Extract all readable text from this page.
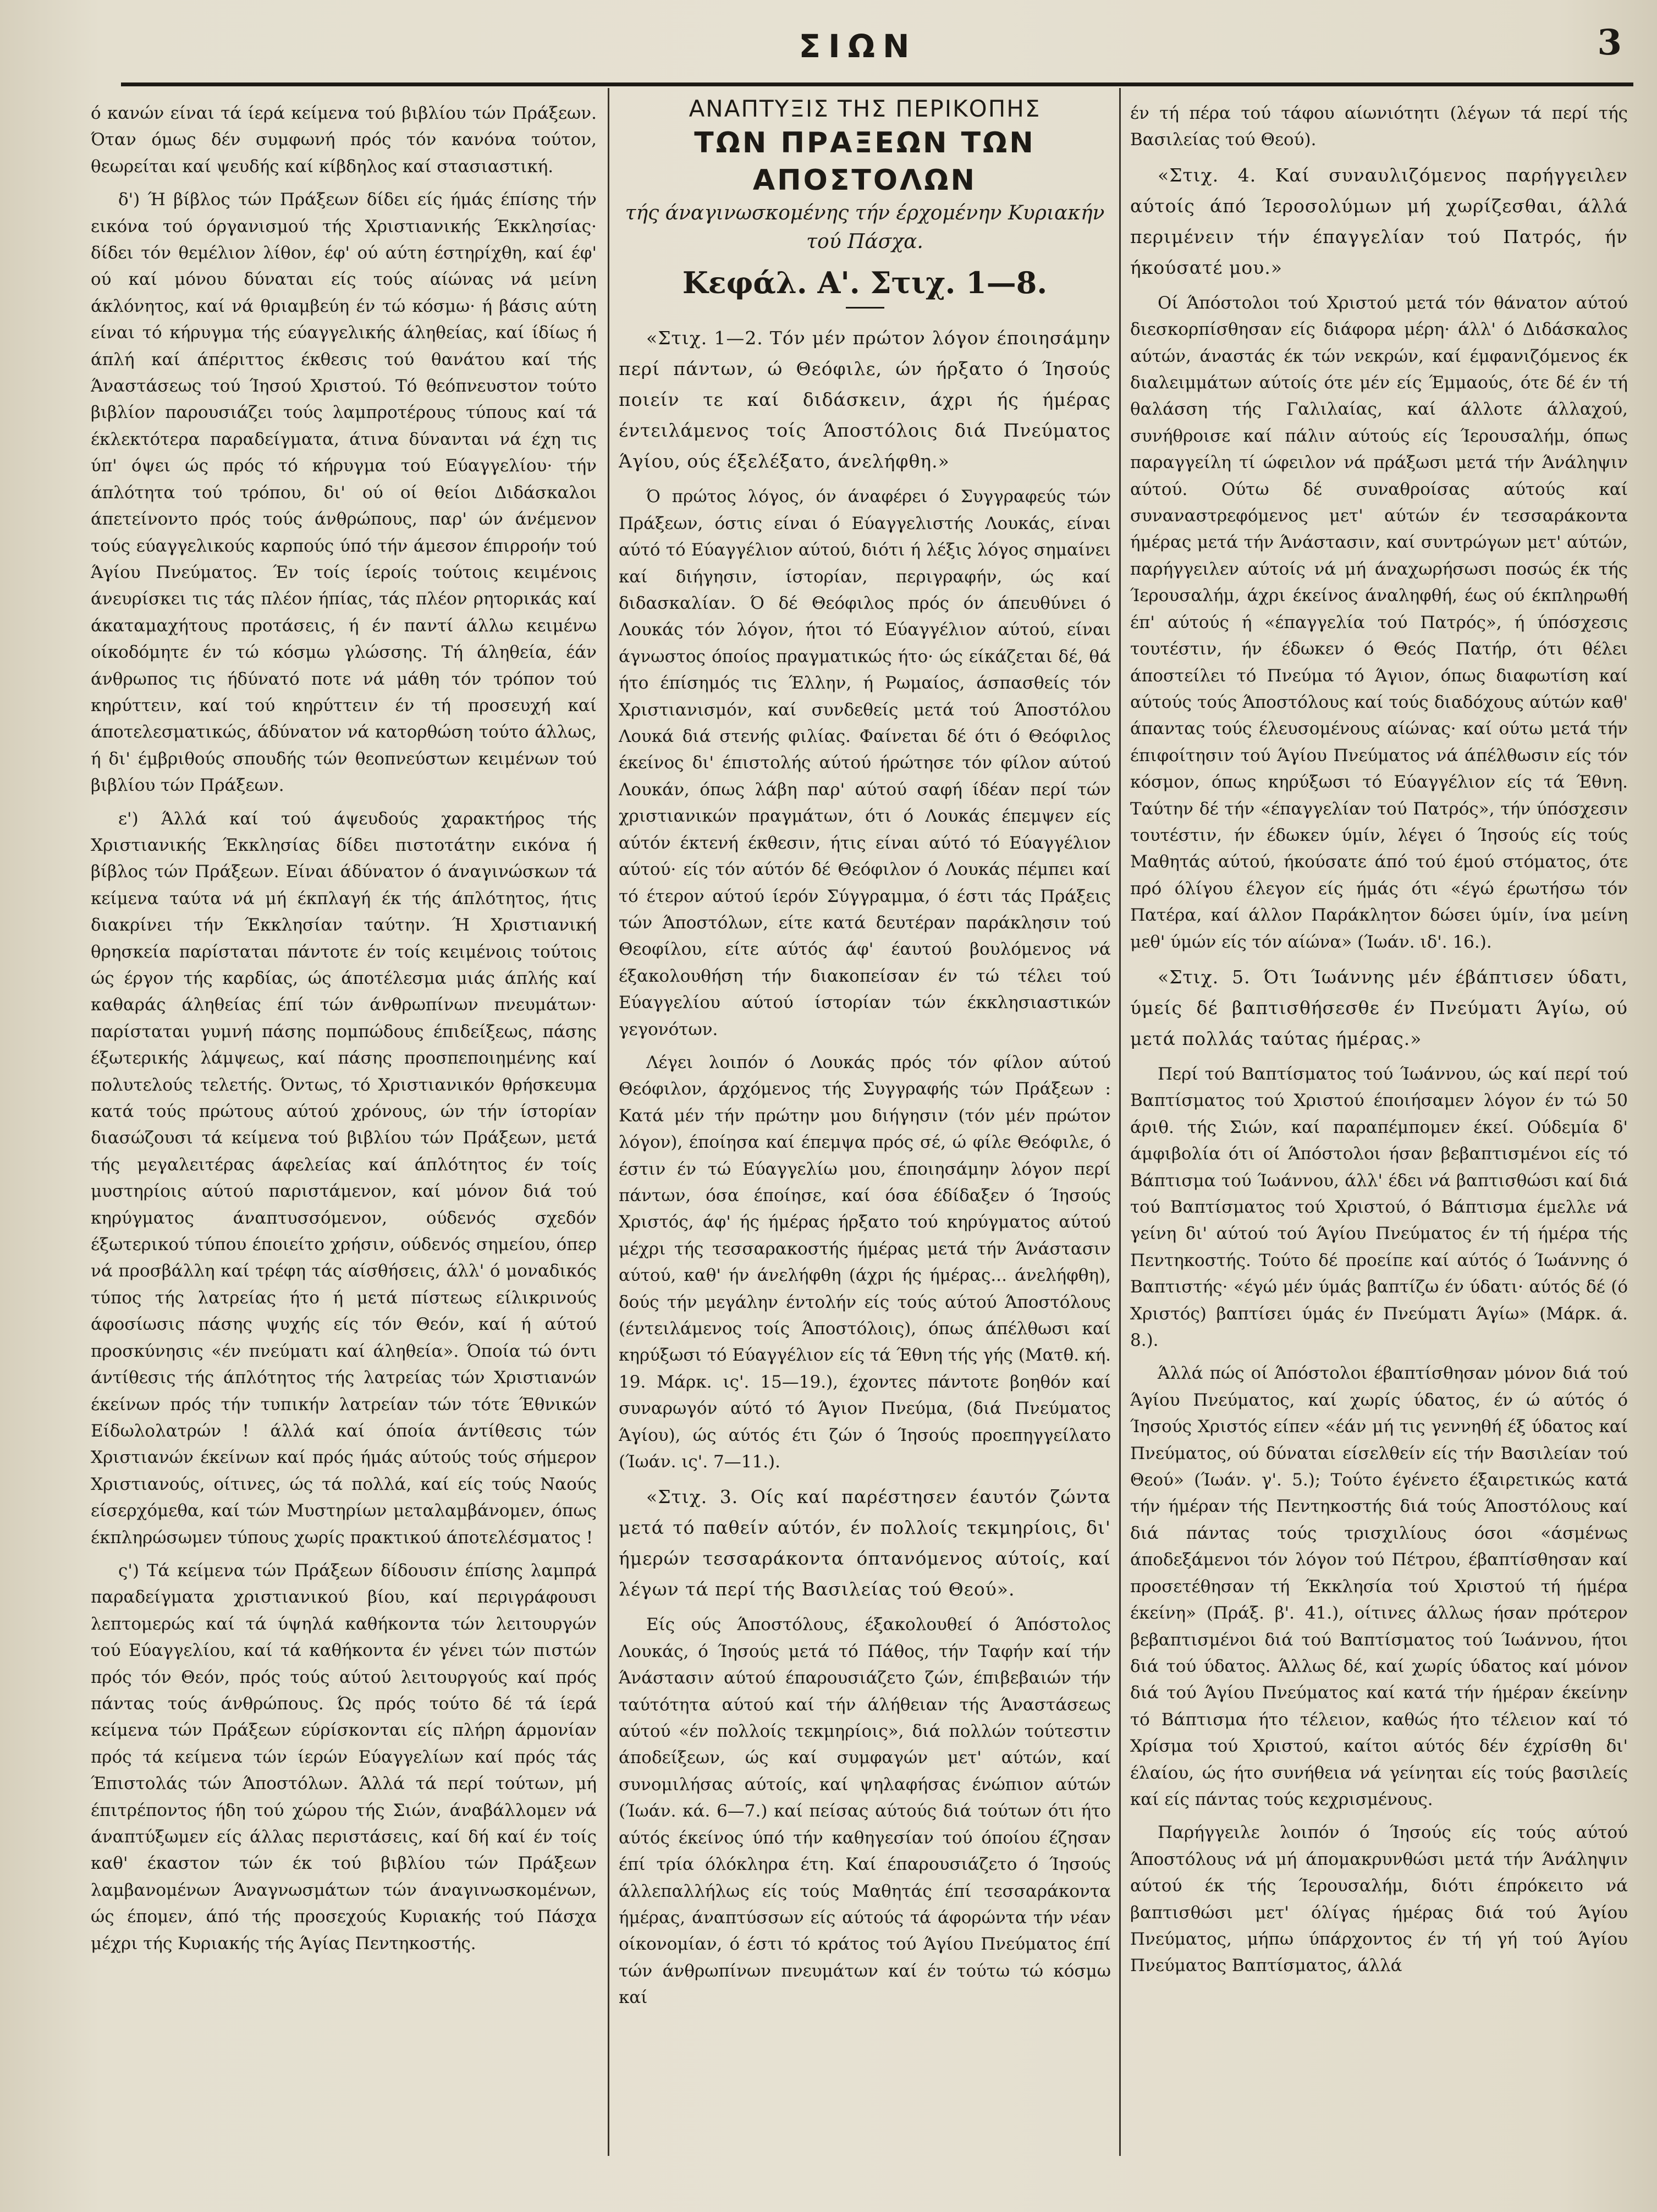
ΣΙΩΝ	3

ό κανών είναι τά ίερά κείμενα τού βιβλίου τών Πράξεων. Όταν όμως δέν συμφωνή πρός τόν κανόνα τούτον, θεωρείται καί ψευδής καί κίβδηλος καί στασιαστική.

δ') Ή βίβλος τών Πράξεων δίδει είς ήμάς έπίσης τήν εικόνα τού όργανισμού τής Χριστιανικής Έκκλησίας· δίδει τόν θεμέλιον λίθον, έφ' ού αύτη έστηρίχθη, καί έφ' ού καί μόνου δύναται είς τούς αίώνας νά μείνη άκλόνητος, καί νά θριαμβεύη έν τώ κόσμω· ή βάσις αύτη είναι τό κήρυγμα τής εύαγγελικής άληθείας, καί ίδίως ή άπλή καί άπέριττος έκθεσις τού θανάτου καί τής Άναστάσεως τού Ίησού Χριστού. Τό θεόπνευστον τούτο βιβλίον παρουσιάζει τούς λαμπροτέρους τύπους καί τά έκλεκτότερα παραδείγματα, άτινα δύνανται νά έχη τις ύπ' όψει ώς πρός τό κήρυγμα τού Εύαγγελίου· τήν άπλότητα τού τρόπου, δι' ού οί θείοι Διδάσκαλοι άπετείνοντο πρός τούς άνθρώπους, παρ' ών άνέμενον τούς εύαγγελικούς καρπούς ύπό τήν άμεσον έπιρροήν τού Άγίου Πνεύματος. Έν τοίς ίεροίς τούτοις κειμένοις άνευρίσκει τις τάς πλέον ήπίας, τάς πλέον ρητορικάς καί άκαταμαχήτους προτάσεις, ή έν παντί άλλω κειμένω οίκοδόμητε έν τώ κόσμω γλώσσης. Τή άληθεία, έάν άνθρωπος τις ήδύνατό ποτε νά μάθη τόν τρόπον τού κηρύττειν, καί τού κηρύττειν έν τή προσευχή καί άποτελεσματικώς, άδύνατον νά κατορθώση τούτο άλλως, ή δι' έμβριθούς σπουδής τών θεοπνεύστων κειμένων τού βιβλίου τών Πράξεων.

ε') Άλλά καί τού άψευδούς χαρακτήρος τής Χριστιανικής Έκκλησίας δίδει πιστοτάτην εικόνα ή βίβλος τών Πράξεων. Είναι άδύνατον ό άναγινώσκων τά κείμενα ταύτα νά μή έκπλαγή έκ τής άπλότητος, ήτις διακρίνει τήν Έκκλησίαν ταύτην. Ή Χριστιανική θρησκεία παρίσταται πάντοτε έν τοίς κειμένοις τούτοις ώς έργον τής καρδίας, ώς άποτέλεσμα μιάς άπλής καί καθαράς άληθείας έπί τών άνθρωπίνων πνευμάτων· παρίσταται γυμνή πάσης πομπώδους έπιδείξεως, πάσης έξωτερικής λάμψεως, καί πάσης προσπεποιημένης καί πολυτελούς τελετής. Όντως, τό Χριστιανικόν θρήσκευμα κατά τούς πρώτους αύτού χρόνους, ών τήν ίστορίαν διασώζουσι τά κείμενα τού βιβλίου τών Πράξεων, μετά τής μεγαλειτέρας άφελείας καί άπλότητος έν τοίς μυστηρίοις αύτού παριστάμενον, καί μόνον διά τού κηρύγματος άναπτυσσόμενον, ούδενός σχεδόν έξωτερικού τύπου έποιείτο χρήσιν, ούδενός σημείου, όπερ νά προσβάλλη καί τρέφη τάς αίσθήσεις, άλλ' ό μοναδικός τύπος τής λατρείας ήτο ή μετά πίστεως είλικρινούς άφοσίωσις πάσης ψυχής είς τόν Θεόν, καί ή αύτού προσκύνησις «έν πνεύματι καί άληθεία». Όποία τώ όντι άντίθεσις τής άπλότητος τής λατρείας τών Χριστιανών έκείνων πρός τήν τυπικήν λατρείαν τών τότε Έθνικών Είδωλολατρών ! άλλά καί όποία άντίθεσις τών Χριστιανών έκείνων καί πρός ήμάς αύτούς τούς σήμερον Χριστιανούς, οίτινες, ώς τά πολλά, καί είς τούς Ναούς είσερχόμεθα, καί τών Μυστηρίων μεταλαμβάνομεν, όπως έκπληρώσωμεν τύπους χωρίς πρακτικού άποτελέσματος !

ς') Τά κείμενα τών Πράξεων δίδουσιν έπίσης λαμπρά παραδείγματα χριστιανικού βίου, καί περιγράφουσι λεπτομερώς καί τά ύψηλά καθήκοντα τών λειτουργών τού Εύαγγελίου, καί τά καθήκοντα έν γένει τών πιστών πρός τόν Θεόν, πρός τούς αύτού λειτουργούς καί πρός πάντας τούς άνθρώπους. Ώς πρός τούτο δέ τά ίερά κείμενα τών Πράξεων εύρίσκονται είς πλήρη άρμονίαν πρός τά κείμενα τών ίερών Εύαγγελίων καί πρός τάς Έπιστολάς τών Άποστόλων. Άλλά τά περί τούτων, μή έπιτρέποντος ήδη τού χώρου τής Σιών, άναβάλλομεν νά άναπτύξωμεν είς άλλας περιστάσεις, καί δή καί έν τοίς καθ' έκαστον τών έκ τού βιβλίου τών Πράξεων λαμβανομένων Άναγνωσμάτων τών άναγινωσκομένων, ώς έπομεν, άπό τής προσεχούς Κυριακής τού Πάσχα μέχρι τής Κυριακής τής Άγίας Πεντηκοστής.

ΑΝΑΠΤΥΞΙΣ ΤΗΣ ΠΕΡΙΚΟΠΗΣ
ΤΩΝ ΠΡΑΞΕΩΝ ΤΩΝ ΑΠΟΣΤΟΛΩΝ
τής άναγινωσκομένης τήν έρχομένην Κυριακήν
τού Πάσχα.
Κεφάλ. Α'. Στιχ. 1—8.

«Στιχ. 1—2. Τόν μέν πρώτον λόγον έποιησάμην περί πάντων, ώ Θεόφιλε, ών ήρξατο ό Ίησούς ποιείν τε καί διδάσκειν, άχρι ής ήμέρας έντειλάμενος τοίς Άποστόλοις διά Πνεύματος Άγίου, ούς έξελέξατο, άνελήφθη.»

Ό πρώτος λόγος, όν άναφέρει ό Συγγραφεύς τών Πράξεων, όστις είναι ό Εύαγγελιστής Λουκάς, είναι αύτό τό Εύαγγέλιον αύτού, διότι ή λέξις λόγος σημαίνει καί διήγησιν, ίστορίαν, περιγραφήν, ώς καί διδασκαλίαν. Ό δέ Θεόφιλος πρός όν άπευθύνει ό Λουκάς τόν λόγον, ήτοι τό Εύαγγέλιον αύτού, είναι άγνωστος όποίος πραγματικώς ήτο· ώς είκάζεται δέ, θά ήτο έπίσημός τις Έλλην, ή Ρωμαίος, άσπασθείς τόν Χριστιανισμόν, καί συνδεθείς μετά τού Άποστόλου Λουκά διά στενής φιλίας. Φαίνεται δέ ότι ό Θεόφιλος έκείνος δι' έπιστολής αύτού ήρώτησε τόν φίλον αύτού Λουκάν, όπως λάβη παρ' αύτού σαφή ίδέαν περί τών χριστιανικών πραγμάτων, ότι ό Λουκάς έπεμψεν είς αύτόν έκτενή έκθεσιν, ήτις είναι αύτό τό Εύαγγέλιον αύτού· είς τόν αύτόν δέ Θεόφιλον ό Λουκάς πέμπει καί τό έτερον αύτού ίερόν Σύγγραμμα, ό έστι τάς Πράξεις τών Άποστόλων, είτε κατά δευτέραν παράκλησιν τού Θεοφίλου, είτε αύτός άφ' έαυτού βουλόμενος νά έξακολουθήση τήν διακοπείσαν έν τώ τέλει τού Εύαγγελίου αύτού ίστορίαν τών έκκλησιαστικών γεγονότων.

Λέγει λοιπόν ό Λουκάς πρός τόν φίλον αύτού Θεόφιλον, άρχόμενος τής Συγγραφής τών Πράξεων : Κατά μέν τήν πρώτην μου διήγησιν (τόν μέν πρώτον λόγον), έποίησα καί έπεμψα πρός σέ, ώ φίλε Θεόφιλε, ό έστιν έν τώ Εύαγγελίω μου, έποιησάμην λόγον περί πάντων, όσα έποίησε, καί όσα έδίδαξεν ό Ίησούς Χριστός, άφ' ής ήμέρας ήρξατο τού κηρύγματος αύτού μέχρι τής τεσσαρακοστής ήμέρας μετά τήν Άνάστασιν αύτού, καθ' ήν άνελήφθη (άχρι ής ήμέρας... άνελήφθη), δούς τήν μεγάλην έντολήν είς τούς αύτού Άποστόλους (έντειλάμενος τοίς Άποστόλοις), όπως άπέλθωσι καί κηρύξωσι τό Εύαγγέλιον είς τά Έθνη τής γής (Ματθ. κή. 19. Μάρκ. ις'. 15—19.), έχοντες πάντοτε βοηθόν καί συναρωγόν αύτό τό Άγιον Πνεύμα, (διά Πνεύματος Άγίου), ώς αύτός έτι ζών ό Ίησούς προεπηγγείλατο (Ίωάν. ις'. 7—11.).

«Στιχ. 3. Οίς καί παρέστησεν έαυτόν ζώντα μετά τό παθείν αύτόν, έν πολλοίς τεκμηρίοις, δι' ήμερών τεσσαράκοντα όπτανόμενος αύτοίς, καί λέγων τά περί τής Βασιλείας τού Θεού».

Είς ούς Άποστόλους, έξακολουθεί ό Άπόστολος Λουκάς, ό Ίησούς μετά τό Πάθος, τήν Ταφήν καί τήν Άνάστασιν αύτού έπαρουσιάζετο ζών, έπιβεβαιών τήν ταύτότητα αύτού καί τήν άλήθειαν τής Άναστάσεως αύτού «έν πολλοίς τεκμηρίοις», διά πολλών τούτεστιν άποδείξεων, ώς καί συμφαγών μετ' αύτών, καί συνομιλήσας αύτοίς, καί ψηλαφήσας ένώπιον αύτών (Ίωάν. κά. 6—7.) καί πείσας αύτούς διά τούτων ότι ήτο αύτός έκείνος ύπό τήν καθηγεσίαν τού όποίου έζησαν έπί τρία όλόκληρα έτη. Καί έπαρουσιάζετο ό Ίησούς άλλεπαλλήλως είς τούς Μαθητάς έπί τεσσαράκοντα ήμέρας, άναπτύσσων είς αύτούς τά άφορώντα τήν νέαν οίκονομίαν, ό έστι τό κράτος τού Άγίου Πνεύματος έπί τών άνθρωπίνων πνευμάτων καί έν τούτω τώ κόσμω καί

έν τή πέρα τού τάφου αίωνιότητι (λέγων τά περί τής Βασιλείας τού Θεού).

«Στιχ. 4. Καί συναυλιζόμενος παρήγγειλεν αύτοίς άπό Ίεροσολύμων μή χωρίζεσθαι, άλλά περιμένειν τήν έπαγγελίαν τού Πατρός, ήν ήκούσατέ μου.»

Οί Άπόστολοι τού Χριστού μετά τόν θάνατον αύτού διεσκορπίσθησαν είς διάφορα μέρη· άλλ' ό Διδάσκαλος αύτών, άναστάς έκ τών νεκρών, καί έμφανιζόμενος έκ διαλειμμάτων αύτοίς ότε μέν είς Έμμαούς, ότε δέ έν τή θαλάσση τής Γαλιλαίας, καί άλλοτε άλλαχού, συνήθροισε καί πάλιν αύτούς είς Ίερουσαλήμ, όπως παραγγείλη τί ώφειλον νά πράξωσι μετά τήν Άνάληψιν αύτού. Ούτω δέ συναθροίσας αύτούς καί συναναστρεφόμενος μετ' αύτών έν τεσσαράκοντα ήμέρας μετά τήν Άνάστασιν, καί συντρώγων μετ' αύτών, παρήγγειλεν αύτοίς νά μή άναχωρήσωσι ποσώς έκ τής Ίερουσαλήμ, άχρι έκείνος άναληφθή, έως ού έκπληρωθή έπ' αύτούς ή «έπαγγελία τού Πατρός», ή ύπόσχεσις τουτέστιν, ήν έδωκεν ό Θεός Πατήρ, ότι θέλει άποστείλει τό Πνεύμα τό Άγιον, όπως διαφωτίση καί αύτούς τούς Άποστόλους καί τούς διαδόχους αύτών καθ' άπαντας τούς έλευσομένους αίώνας· καί ούτω μετά τήν έπιφοίτησιν τού Άγίου Πνεύματος νά άπέλθωσιν είς τόν κόσμον, όπως κηρύξωσι τό Εύαγγέλιον είς τά Έθνη. Ταύτην δέ τήν «έπαγγελίαν τού Πατρός», τήν ύπόσχεσιν τουτέστιν, ήν έδωκεν ύμίν, λέγει ό Ίησούς είς τούς Μαθητάς αύτού, ήκούσατε άπό τού έμού στόματος, ότε πρό όλίγου έλεγον είς ήμάς ότι «έγώ έρωτήσω τόν Πατέρα, καί άλλον Παράκλητον δώσει ύμίν, ίνα μείνη μεθ' ύμών είς τόν αίώνα» (Ίωάν. ιδ'. 16.).

«Στιχ. 5. Ότι Ίωάννης μέν έβάπτισεν ύδατι, ύμείς δέ βαπτισθήσεσθε έν Πνεύματι Άγίω, ού μετά πολλάς ταύτας ήμέρας.»

Περί τού Βαπτίσματος τού Ίωάννου, ώς καί περί τού Βαπτίσματος τού Χριστού έποιήσαμεν λόγον έν τώ 50 άριθ. τής Σιών, καί παραπέμπομεν έκεί. Ούδεμία δ' άμφιβολία ότι οί Άπόστολοι ήσαν βεβαπτισμένοι είς τό Βάπτισμα τού Ίωάννου, άλλ' έδει νά βαπτισθώσι καί διά τού Βαπτίσματος τού Χριστού, ό Βάπτισμα έμελλε νά γείνη δι' αύτού τού Άγίου Πνεύματος έν τή ήμέρα τής Πεντηκοστής. Τούτο δέ προείπε καί αύτός ό Ίωάννης ό Βαπτιστής· «έγώ μέν ύμάς βαπτίζω έν ύδατι· αύτός δέ (ό Χριστός) βαπτίσει ύμάς έν Πνεύματι Άγίω» (Μάρκ. ά. 8.).

Άλλά πώς οί Άπόστολοι έβαπτίσθησαν μόνον διά τού Άγίου Πνεύματος, καί χωρίς ύδατος, έν ώ αύτός ό Ίησούς Χριστός είπεν «έάν μή τις γεννηθή έξ ύδατος καί Πνεύματος, ού δύναται είσελθείν είς τήν Βασιλείαν τού Θεού» (Ίωάν. γ'. 5.); Τούτο έγένετο έξαιρετικώς κατά τήν ήμέραν τής Πεντηκοστής διά τούς Άποστόλους καί διά πάντας τούς τρισχιλίους όσοι «άσμένως άποδεξάμενοι τόν λόγον τού Πέτρου, έβαπτίσθησαν καί προσετέθησαν τή Έκκλησία τού Χριστού τή ήμέρα έκείνη» (Πράξ. β'. 41.), οίτινες άλλως ήσαν πρότερον βεβαπτισμένοι διά τού Βαπτίσματος τού Ίωάννου, ήτοι διά τού ύδατος. Άλλως δέ, καί χωρίς ύδατος καί μόνον διά τού Άγίου Πνεύματος καί κατά τήν ήμέραν έκείνην τό Βάπτισμα ήτο τέλειον, καθώς ήτο τέλειον καί τό Χρίσμα τού Χριστού, καίτοι αύτός δέν έχρίσθη δι' έλαίου, ώς ήτο συνήθεια νά γείνηται είς τούς βασιλείς καί είς πάντας τούς κεχρισμένους.

Παρήγγειλε λοιπόν ό Ίησούς είς τούς αύτού Άποστόλους νά μή άπομακρυνθώσι μετά τήν Άνάληψιν αύτού έκ τής Ίερουσαλήμ, διότι έπρόκειτο νά βαπτισθώσι μετ' όλίγας ήμέρας διά τού Άγίου Πνεύματος, μήπω ύπάρχοντος έν τή γή τού Άγίου Πνεύματος Βαπτίσματος, άλλά
